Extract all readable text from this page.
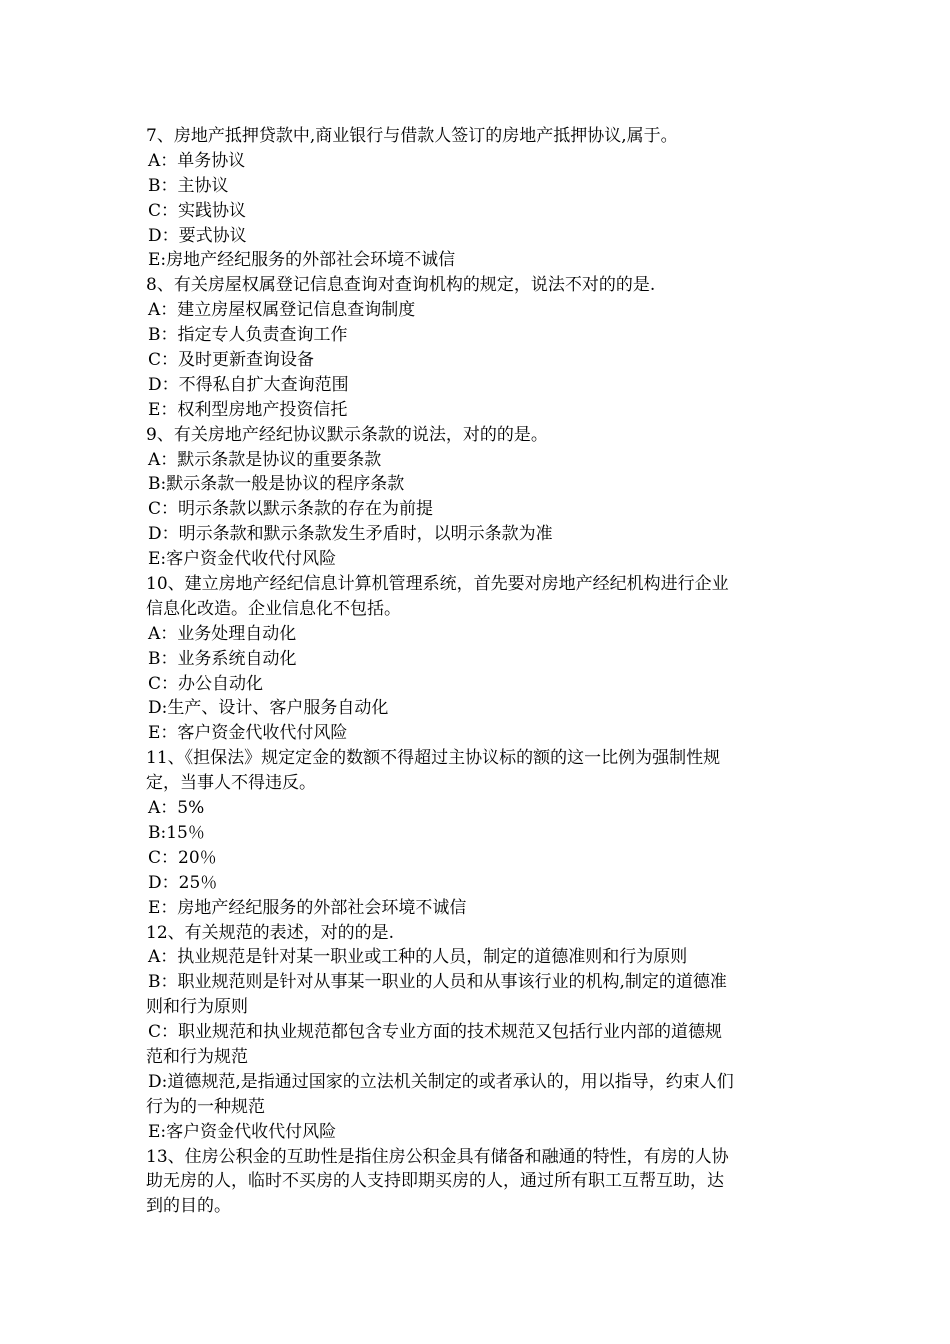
7、房地产抵押贷款中,商业银行与借款人签订的房地产抵押协议,属于。
A：单务协议
B：主协议
C：实践协议
D：要式协议
E:房地产经纪服务的外部社会环境不诚信
8、有关房屋权属登记信息查询对查询机构的规定，说法不对的的是.
A：建立房屋权属登记信息查询制度
B：指定专人负责查询工作
C：及时更新查询设备
D：不得私自扩大查询范围
E：权利型房地产投资信托
9、有关房地产经纪协议默示条款的说法，对的的是。
A：默示条款是协议的重要条款
B:默示条款一般是协议的程序条款
C：明示条款以默示条款的存在为前提
D：明示条款和默示条款发生矛盾时，以明示条款为准
E:客户资金代收代付风险
10、建立房地产经纪信息计算机管理系统，首先要对房地产经纪机构进行企业
信息化改造。企业信息化不包括。
A：业务处理自动化
B：业务系统自动化
C：办公自动化
D:生产、设计、客户服务自动化
E：客户资金代收代付风险
11、《担保法》规定定金的数额不得超过主协议标的额的这一比例为强制性规
定，当事人不得违反。
A：5%
B:15％
C：20％
D：25％
E：房地产经纪服务的外部社会环境不诚信
12、有关规范的表述，对的的是.
A：执业规范是针对某一职业或工种的人员，制定的道德准则和行为原则
B：职业规范则是针对从事某一职业的人员和从事该行业的机构,制定的道德准
则和行为原则
C：职业规范和执业规范都包含专业方面的技术规范又包括行业内部的道德规
范和行为规范
D:道德规范,是指通过国家的立法机关制定的或者承认的，用以指导，约束人们
行为的一种规范
E:客户资金代收代付风险
13、住房公积金的互助性是指住房公积金具有储备和融通的特性，有房的人协
助无房的人，临时不买房的人支持即期买房的人，通过所有职工互帮互助，达
到的目的。
